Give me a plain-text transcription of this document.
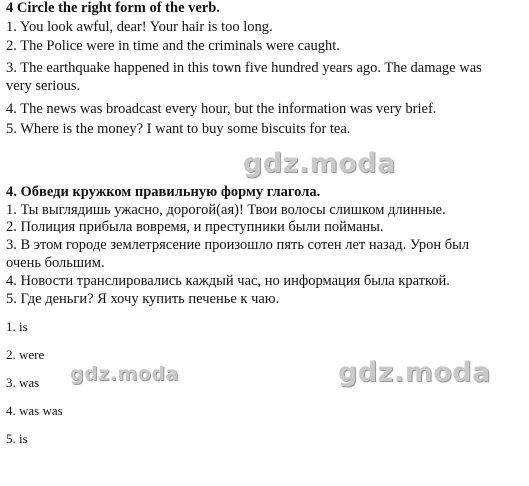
4 Circle the right form of the verb.
1. You look awful, dear! Your hair is too long.
2. The Police were in time and the criminals were caught.
3. The earthquake happened in this town five hundred years ago. The damage was
very serious.
4. The news was broadcast every hour, but the information was very brief.
5. Where is the money? I want to buy some biscuits for tea.
gdz.moda
4. Обведи кружком правильную форму глагола.
1. Ты выглядишь ужасно, дорогой(ая)! Твои волосы слишком длинные.
2. Полиция прибыла вовремя, и преступники были пойманы.
3. В этом городе землетрясение произошло пять сотен лет назад. Урон был
очень большим.
4. Новости транслировались каждый час, но информация была краткой.
5. Где деньги? Я хочу купить печенье к чаю.
1. is
2. were
3. was
4. was was
5. is
gdz.moda	gdz.moda
